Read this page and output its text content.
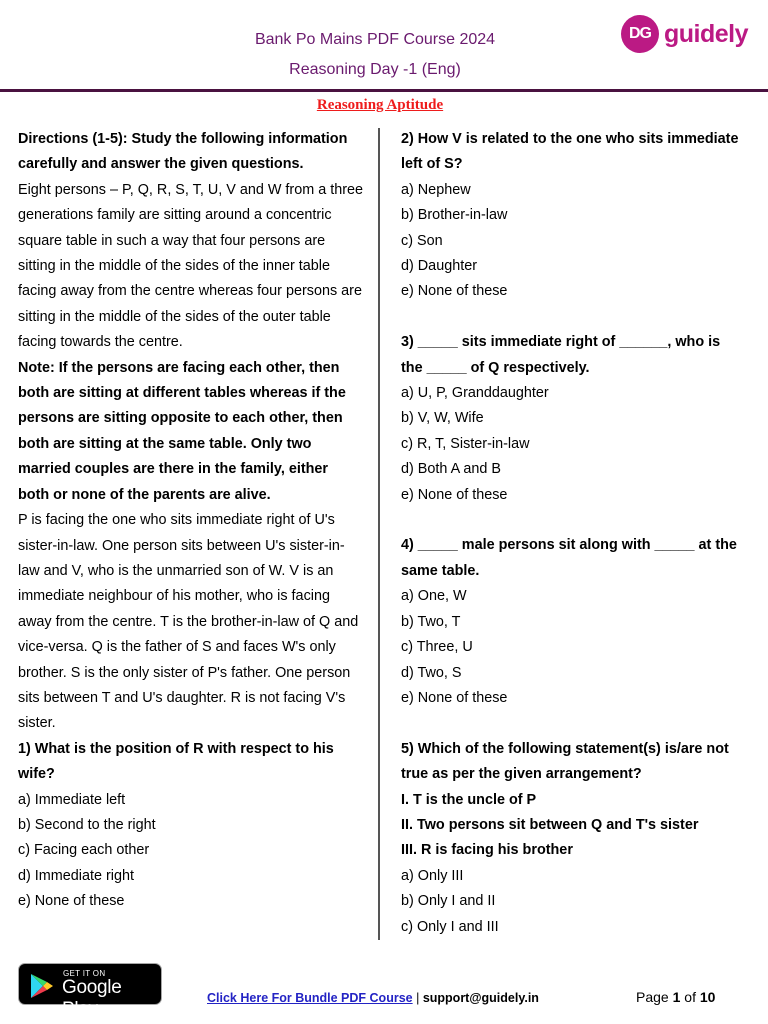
Bank Po Mains PDF Course 2024
Reasoning Day -1 (Eng)
DG guidely
Reasoning Aptitude

Directions (1-5): Study the following information carefully and answer the given questions.

Eight persons – P, Q, R, S, T, U, V and W from a three generations family are sitting around a concentric square table in such a way that four persons are sitting in the middle of the sides of the inner table facing away from the centre whereas four persons are sitting in the middle of the sides of the outer table facing towards the centre.

Note: If the persons are facing each other, then both are sitting at different tables whereas if the persons are sitting opposite to each other, then both are sitting at the same table. Only two married couples are there in the family, either both or none of the parents are alive.

P is facing the one who sits immediate right of U's sister-in-law. One person sits between U's sister-in-law and V, who is the unmarried son of W. V is an immediate neighbour of his mother, who is facing away from the centre. T is the brother-in-law of Q and vice-versa. Q is the father of S and faces W's only brother. S is the only sister of P's father. One person sits between T and U's daughter. R is not facing V's sister.

1) What is the position of R with respect to his wife?

a) Immediate left

b) Second to the right

c) Facing each other

d) Immediate right

e) None of these

2) How V is related to the one who sits immediate left of S?

a) Nephew

b) Brother-in-law

c) Son

d) Daughter

e) None of these

3) _____ sits immediate right of ______, who is the _____ of Q respectively.

a) U, P, Granddaughter

b) V, W, Wife

c) R, T, Sister-in-law

d) Both A and B

e) None of these

4) _____ male persons sit along with _____ at the same table.

a) One, W

b) Two, T

c) Three, U

d) Two, S

e) None of these

5) Which of the following statement(s) is/are not true as per the given arrangement?

I. T is the uncle of P

II. Two persons sit between Q and T's sister

III. R is facing his brother

a) Only III

b) Only I and II

c) Only I and III

GET IT ON
Google Play
Click Here For Bundle PDF Course | support@guidely.in	Page 1 of 10
